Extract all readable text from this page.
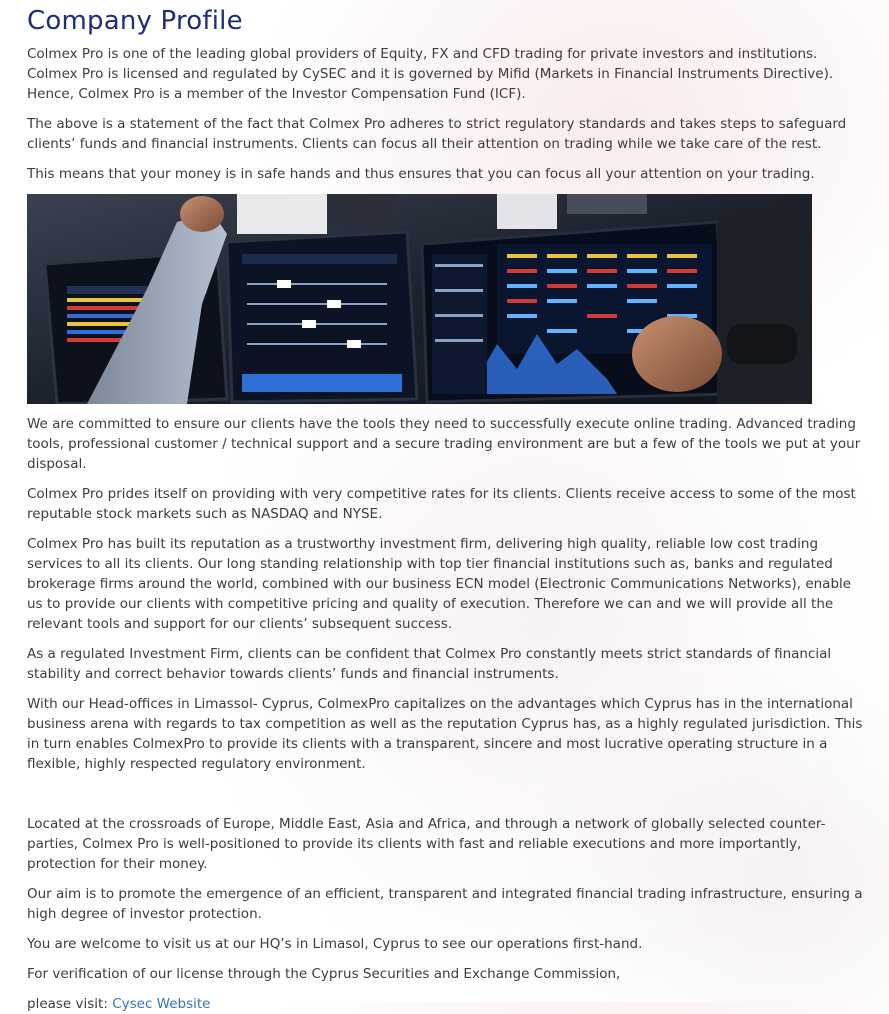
Company Profile

Colmex Pro is one of the leading global providers of Equity, FX and CFD trading for private investors and institutions. Colmex Pro is licensed and regulated by CySEC and it is governed by Mifid (Markets in Financial Instruments Directive). Hence, Colmex Pro is a member of the Investor Compensation Fund (ICF).

The above is a statement of the fact that Colmex Pro adheres to strict regulatory standards and takes steps to safeguard clients’ funds and financial instruments. Clients can focus all their attention on trading while we take care of the rest.

This means that your money is in safe hands and thus ensures that you can focus all your attention on your trading.

We are committed to ensure our clients have the tools they need to successfully execute online trading. Advanced trading tools, professional customer / technical support and a secure trading environment are but a few of the tools we put at your disposal.

Colmex Pro prides itself on providing with very competitive rates for its clients. Clients receive access to some of the most reputable stock markets such as NASDAQ and NYSE.

Colmex Pro has built its reputation as a trustworthy investment firm, delivering high quality, reliable low cost trading services to all its clients. Our long standing relationship with top tier financial institutions such as, banks and regulated brokerage firms around the world, combined with our business ECN model (Electronic Communications Networks), enable us to provide our clients with competitive pricing and quality of execution. Therefore we can and we will provide all the relevant tools and support for our clients’ subsequent success.

As a regulated Investment Firm, clients can be confident that Colmex Pro constantly meets strict standards of financial stability and correct behavior towards clients’ funds and financial instruments.

With our Head-offices in Limassol- Cyprus, ColmexPro capitalizes on the advantages which Cyprus has in the international business arena with regards to tax competition as well as the reputation Cyprus has, as a highly regulated jurisdiction. This in turn enables ColmexPro to provide its clients with a transparent, sincere and most lucrative operating structure in a flexible, highly respected regulatory environment.

Located at the crossroads of Europe, Middle East, Asia and Africa, and through a network of globally selected counter-parties, Colmex Pro is well-positioned to provide its clients with fast and reliable executions and more importantly, protection for their money.

Our aim is to promote the emergence of an efficient, transparent and integrated financial trading infrastructure, ensuring a high degree of investor protection.

You are welcome to visit us at our HQ’s in Limasol, Cyprus to see our operations first-hand.

For verification of our license through the Cyprus Securities and Exchange Commission,

please visit: Cysec Website
